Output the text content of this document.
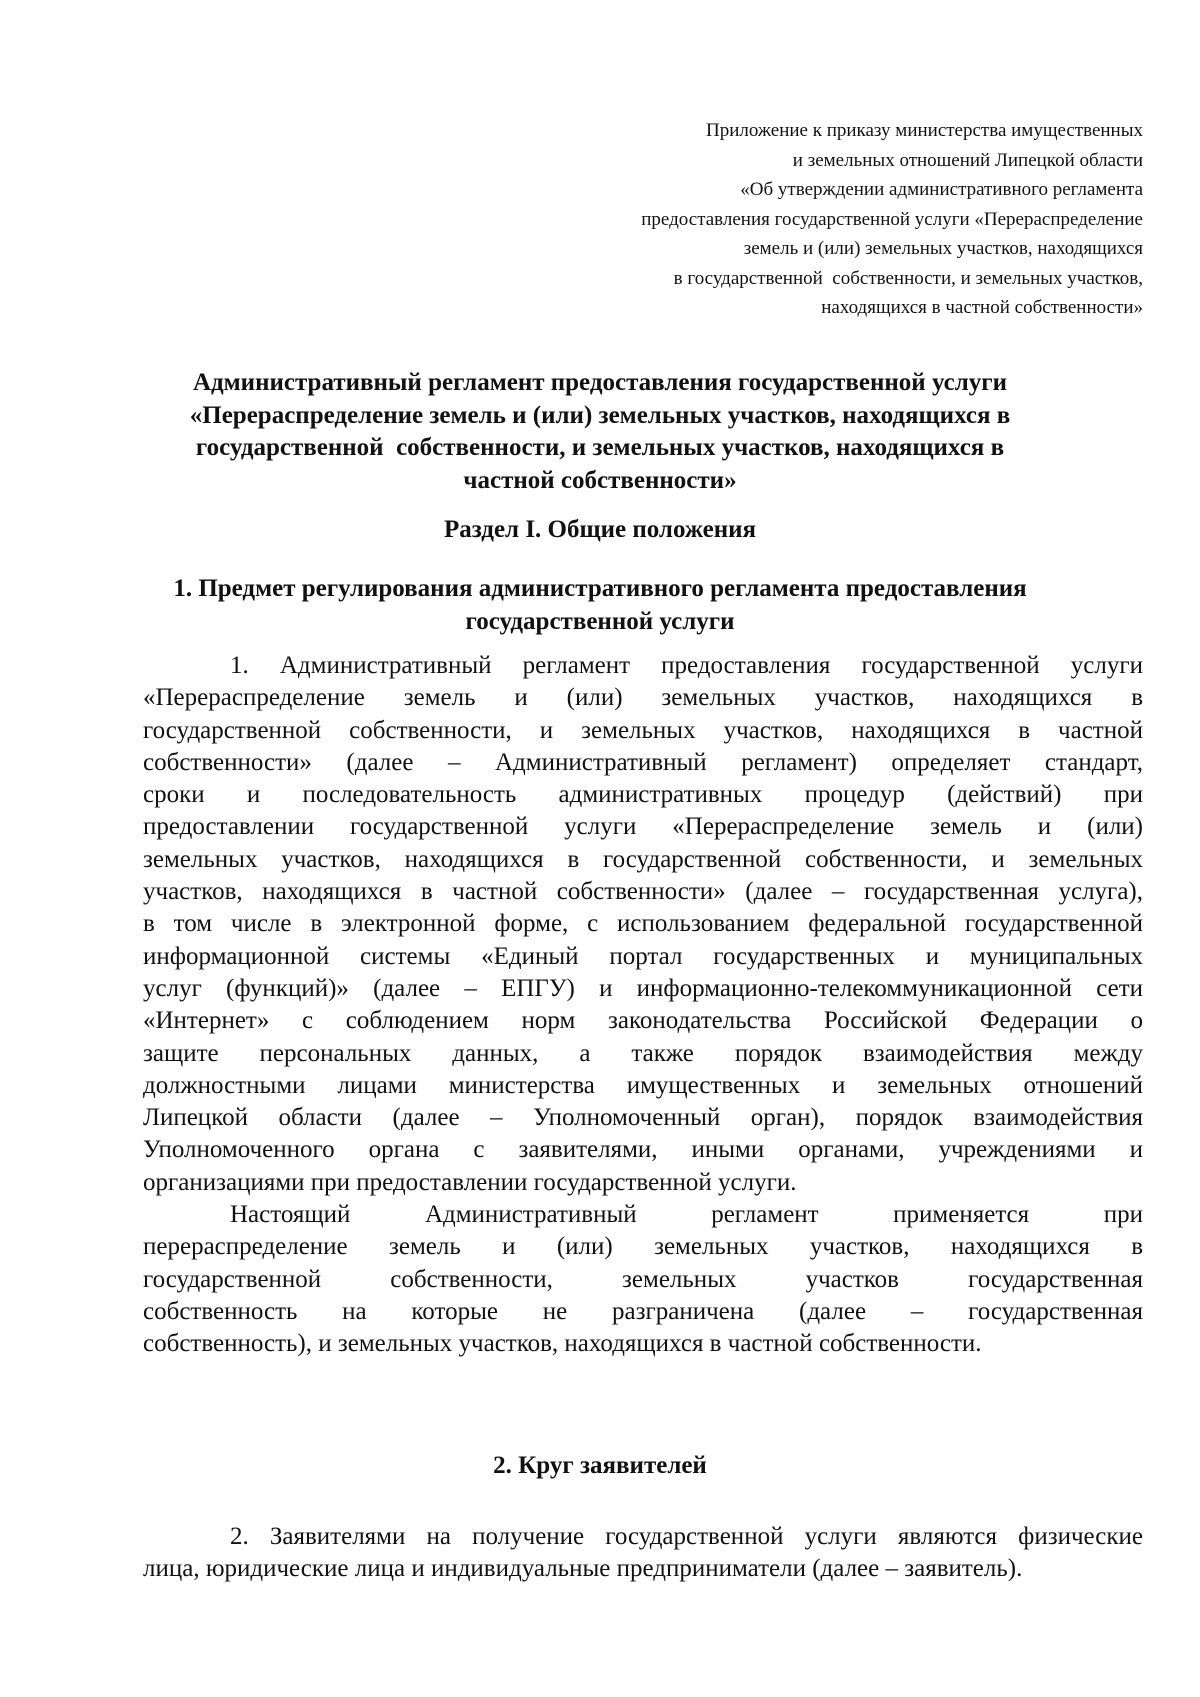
Приложение к приказу министерства имущественных
и земельных отношений Липецкой области
«Об утверждении административного регламента
предоставления государственной услуги «Перераспределение
земель и (или) земельных участков, находящихся
в государственной  собственности, и земельных участков,
находящихся в частной собственности»
Административный регламент предоставления государственной услуги
«Перераспределение земель и (или) земельных участков, находящихся в
государственной  собственности, и земельных участков, находящихся в
частной собственности»
Раздел I. Общие положения
1. Предмет регулирования административного регламента предоставления
государственной услуги
1. Административный регламент предоставления государственной услуги
«Перераспределение земель и (или) земельных участков, находящихся в
государственной собственности, и земельных участков, находящихся в частной
собственности» (далее – Административный регламент) определяет стандарт,
сроки и последовательность административных процедур (действий) при
предоставлении государственной услуги «Перераспределение земель и (или)
земельных участков, находящихся в государственной собственности, и земельных
участков, находящихся в частной собственности» (далее – государственная услуга),
в том числе в электронной форме, с использованием федеральной государственной
информационной системы «Единый портал государственных и муниципальных
услуг (функций)» (далее – ЕПГУ) и информационно-телекоммуникационной сети
«Интернет» с соблюдением норм законодательства Российской Федерации о
защите персональных данных, а также порядок взаимодействия между
должностными лицами министерства имущественных и земельных отношений
Липецкой области (далее – Уполномоченный орган), порядок взаимодействия
Уполномоченного органа с заявителями, иными органами, учреждениями и
организациями при предоставлении государственной услуги.
Настоящий Административный регламент применяется при
перераспределение земель и (или) земельных участков, находящихся в
государственной собственности, земельных участков государственная
собственность на которые не разграничена (далее – государственная
собственность), и земельных участков, находящихся в частной собственности.
2. Круг заявителей
2. Заявителями на получение государственной услуги являются физические
лица, юридические лица и индивидуальные предприниматели (далее – заявитель).
